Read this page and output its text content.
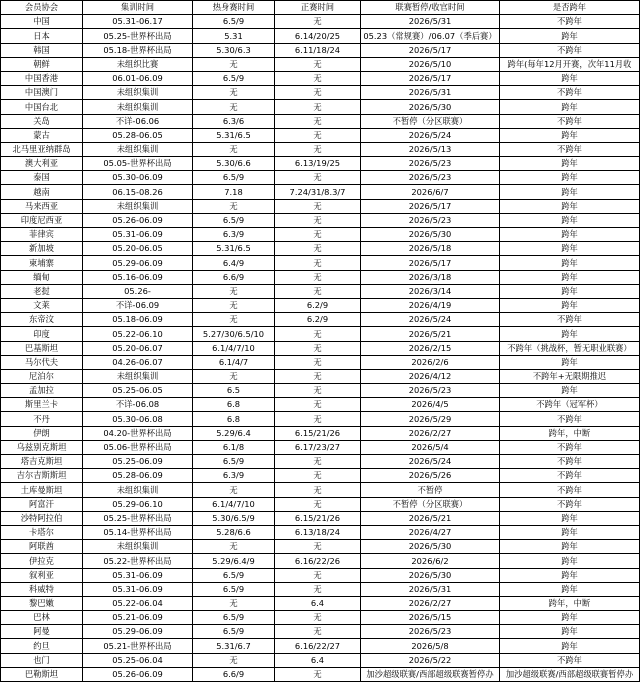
会员协会	集训时间	热身赛时间	正赛时间	联赛暂停/收官时间	是否跨年
中国	05.31-06.17	6.5/9	无	2026/5/31	不跨年
日本	05.25-世界杯出局	5.31	6.14/20/25	05.23（常规赛）/06.07（季后赛）	跨年
韩国	05.18-世界杯出局	5.30/6.3	6.11/18/24	2026/5/17	不跨年
朝鲜	未组织比赛	无	无	2026/5/10	跨年(每年12月开赛，次年11月收
中国香港	06.01-06.09	6.5/9	无	2026/5/17	跨年
中国澳门	未组织集训	无	无	2026/5/31	不跨年
中国台北	未组织集训	无	无	2026/5/30	跨年
关岛	不详-06.06	6.3/6	无	不暂停（分区联赛）	不跨年
蒙古	05.28-06.05	5.31/6.5	无	2026/5/24	跨年
北马里亚纳群岛	未组织集训	无	无	2026/5/13	不跨年
澳大利亚	05.05-世界杯出局	5.30/6.6	6.13/19/25	2026/5/23	跨年
泰国	05.30-06.09	6.5/9	无	2026/5/23	跨年
越南	06.15-08.26	7.18	7.24/31/8.3/7	2026/6/7	跨年
马来西亚	未组织集训	无	无	2026/5/17	跨年
印度尼西亚	05.26-06.09	6.5/9	无	2026/5/23	跨年
菲律宾	05.31-06.09	6.3/9	无	2026/5/30	跨年
新加坡	05.20-06.05	5.31/6.5	无	2026/5/18	跨年
柬埔寨	05.29-06.09	6.4/9	无	2026/5/17	跨年
缅甸	05.16-06.09	6.6/9	无	2026/3/18	跨年
老挝	05.26-	无	无	2026/3/14	跨年
文莱	不详-06.09	无	6.2/9	2026/4/19	跨年
东帝汶	05.18-06.09	无	6.2/9	2026/5/24	不跨年
印度	05.22-06.10	5.27/30/6.5/10	无	2026/5/21	跨年
巴基斯坦	05.20-06.07	6.1/4/7/10	无	2026/2/15	不跨年（挑战杯，暂无职业联赛）
马尔代夫	04.26-06.07	6.1/4/7	无	2026/2/6	跨年
尼泊尔	未组织集训	无	无	2026/4/12	不跨年+无限期推迟
孟加拉	05.25-06.05	6.5	无	2026/5/23	跨年
斯里兰卡	不详-06.08	6.8	无	2026/4/5	不跨年（冠军杯）
不丹	05.30-06.08	6.8	无	2026/5/29	不跨年
伊朗	04.20-世界杯出局	5.29/6.4	6.15/21/26	2026/2/27	跨年，中断
乌兹别克斯坦	05.06-世界杯出局	6.1/8	6.17/23/27	2026/5/4	不跨年
塔吉克斯坦	05.25-06.09	6.5/9	无	2026/5/24	不跨年
吉尔吉斯斯坦	05.28-06.09	6.3/9	无	2026/5/26	不跨年
土库曼斯坦	未组织集训	无	无	不暂停	不跨年
阿富汗	05.29-06.10	6.1/4/7/10	无	不暂停（分区联赛）	不跨年
沙特阿拉伯	05.25-世界杯出局	5.30/6.5/9	6.15/21/26	2026/5/21	跨年
卡塔尔	05.14-世界杯出局	5.28/6.6	6.13/18/24	2026/4/27	跨年
阿联酋	未组织集训	无	无	2026/5/30	跨年
伊拉克	05.22-世界杯出局	5.29/6.4/9	6.16/22/26	2026/6/2	跨年
叙利亚	05.31-06.09	6.5/9	无	2026/5/30	跨年
科威特	05.31-06.09	6.5/9	无	2026/5/31	跨年
黎巴嫩	05.22-06.04	无	6.4	2026/2/27	跨年，中断
巴林	05.21-06.09	6.5/9	无	2026/5/15	跨年
阿曼	05.29-06.09	6.5/9	无	2026/5/23	跨年
约旦	05.21-世界杯出局	5.31/6.7	6.16/22/27	2026/5/8	跨年
也门	05.25-06.04	无	6.4	2026/5/22	不跨年
巴勒斯坦	05.26-06.09	6.6/9	无	加沙超级联赛/西部超级联赛暂停办	加沙超级联赛/西部超级联赛暂停办
